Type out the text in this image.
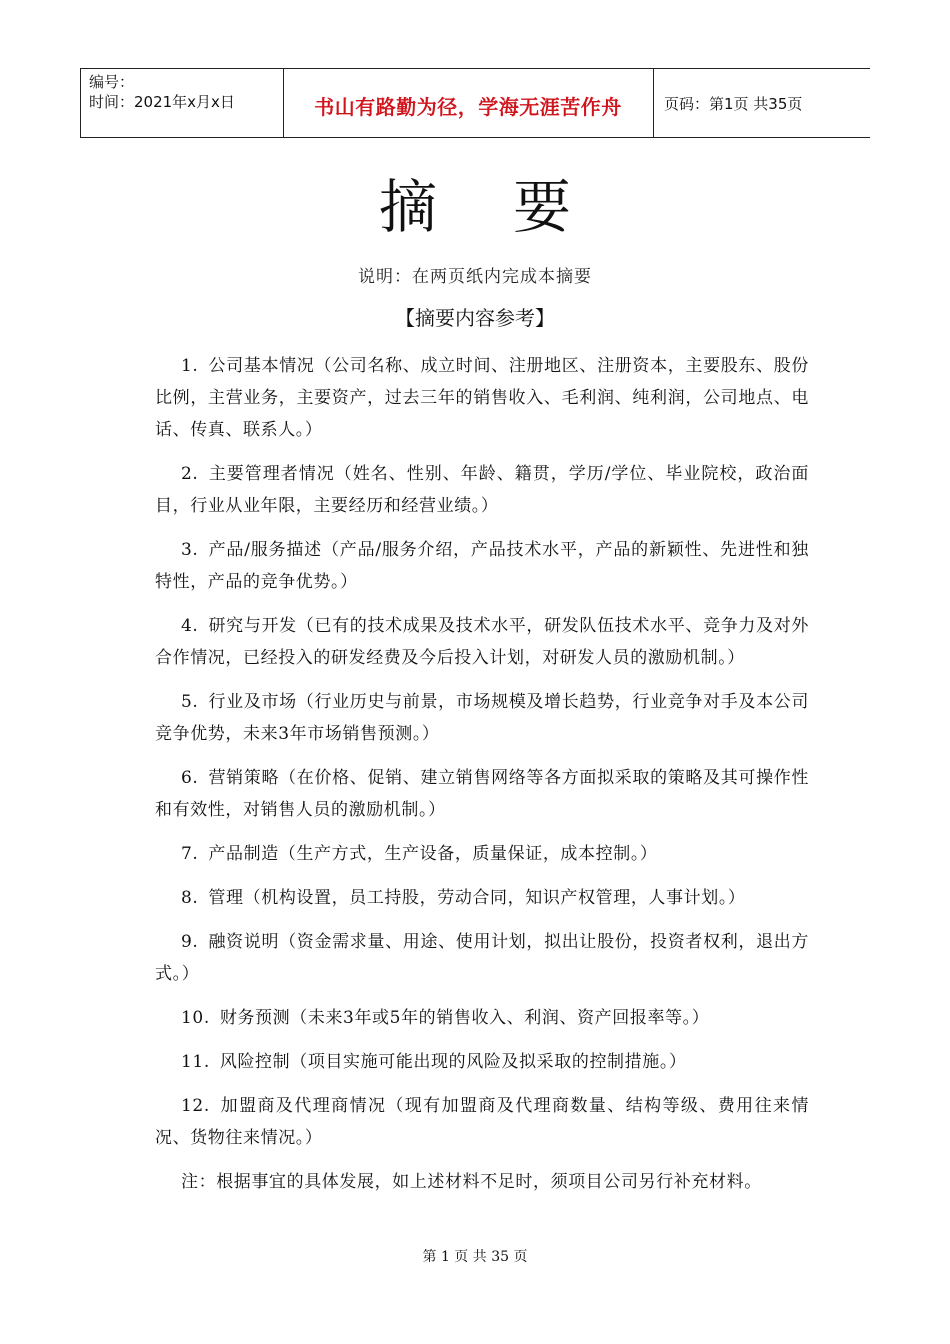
编号：
时间：2021年x月x日	书山有路勤为径，学海无涯苦作舟	页码：第1页 共35页
摘要
说明：在两页纸内完成本摘要
【摘要内容参考】

1. 公司基本情况（公司名称、成立时间、注册地区、注册资本，主要股东、股份比例，主营业务，主要资产，过去三年的销售收入、毛利润、纯利润，公司地点、电话、传真、联系人。）

2. 主要管理者情况（姓名、性别、年龄、籍贯，学历/学位、毕业院校，政治面目，行业从业年限，主要经历和经营业绩。）

3. 产品/服务描述（产品/服务介绍，产品技术水平，产品的新颖性、先进性和独特性，产品的竞争优势。）

4. 研究与开发（已有的技术成果及技术水平，研发队伍技术水平、竞争力及对外合作情况，已经投入的研发经费及今后投入计划，对研发人员的激励机制。）

5. 行业及市场（行业历史与前景，市场规模及增长趋势，行业竞争对手及本公司竞争优势，未来3年市场销售预测。）

6. 营销策略（在价格、促销、建立销售网络等各方面拟采取的策略及其可操作性和有效性，对销售人员的激励机制。）

7. 产品制造（生产方式，生产设备，质量保证，成本控制。）

8. 管理（机构设置，员工持股，劳动合同，知识产权管理，人事计划。）

9. 融资说明（资金需求量、用途、使用计划，拟出让股份，投资者权利，退出方式。）

10. 财务预测（未来3年或5年的销售收入、利润、资产回报率等。）

11. 风险控制（项目实施可能出现的风险及拟采取的控制措施。）

12. 加盟商及代理商情况（现有加盟商及代理商数量、结构等级、费用往来情况、货物往来情况。）

注：根据事宜的具体发展，如上述材料不足时，须项目公司另行补充材料。

第 1 页 共 35 页
